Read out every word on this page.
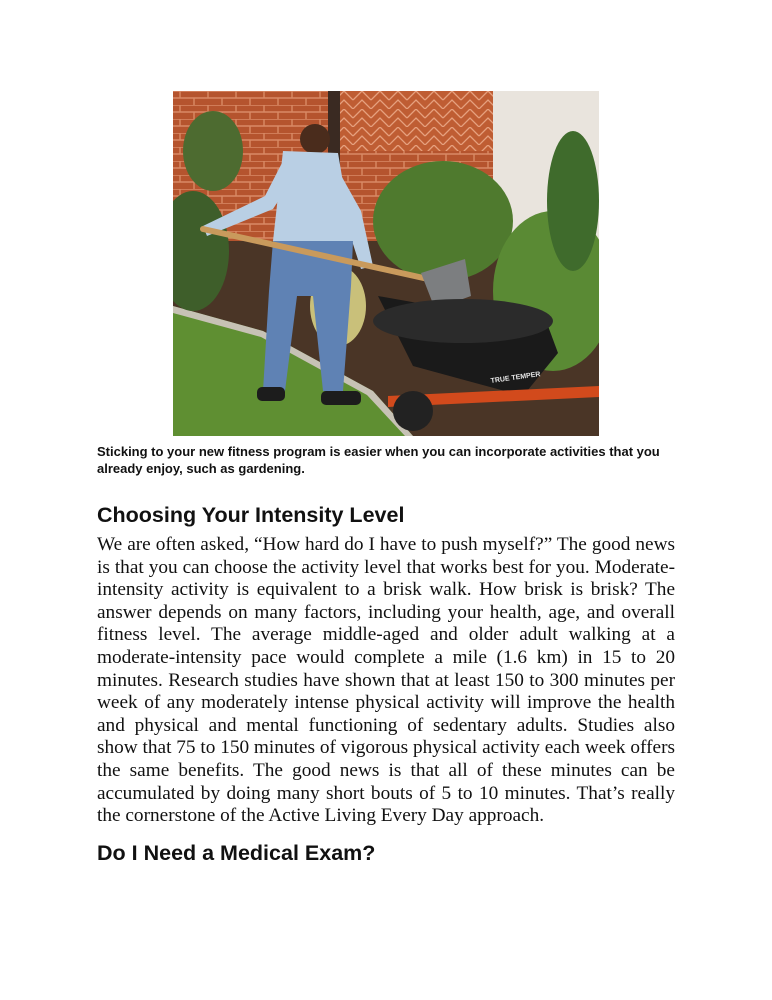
TRUE TEMPER

Sticking to your new fitness program is easier when you can incorporate activities that you already enjoy, such as gardening.

Choosing Your Intensity Level

We are often asked, “How hard do I have to push myself?” The good news is that you can choose the activity level that works best for you. Moderate-intensity activity is equivalent to a brisk walk. How brisk is brisk? The answer depends on many factors, including your health, age, and overall fitness level. The average middle-aged and older adult walking at a moderate-intensity pace would complete a mile (1.6 km) in 15 to 20 minutes. Research studies have shown that at least 150 to 300 minutes per week of any moderately intense physical activity will improve the health and physical and mental functioning of sedentary adults. Studies also show that 75 to 150 minutes of vigorous physical activity each week offers the same benefits. The good news is that all of these minutes can be accumulated by doing many short bouts of 5 to 10 minutes. That’s really the cornerstone of the Active Living Every Day approach.

Do I Need a Medical Exam?
